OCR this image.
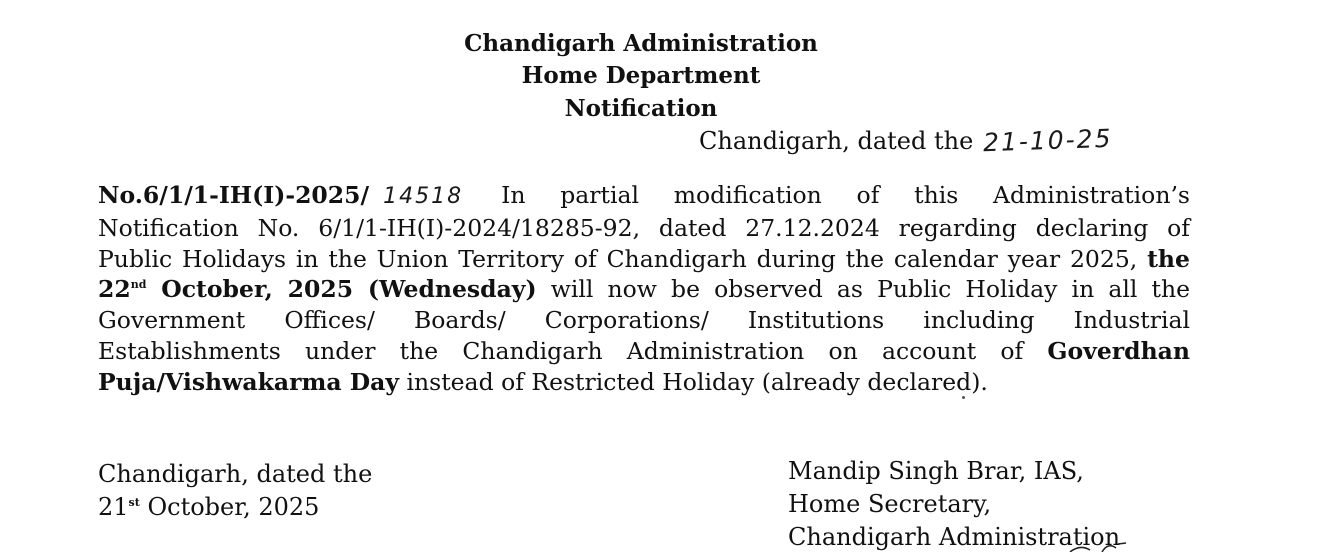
Chandigarh Administration
Home Department
Notification
Chandigarh, dated the 21-10-25
No.6/1/1-IH(I)-2025/ 14518 In partial modification of this Administration’s Notification No. 6/1/1-IH(I)-2024/18285-92, dated 27.12.2024 regarding declaring of Public Holidays in the Union Territory of Chandigarh during the calendar year 2025, the 22nd October, 2025 (Wednesday) will now be observed as Public Holiday in all the Government Offices/ Boards/ Corporations/ Institutions including Industrial Establishments under the Chandigarh Administration on account of Goverdhan Puja/Vishwakarma Day instead of Restricted Holiday (already declared).
Chandigarh, dated the
21st October, 2025
Mandip Singh Brar, IAS,
Home Secretary,
Chandigarh Administration
